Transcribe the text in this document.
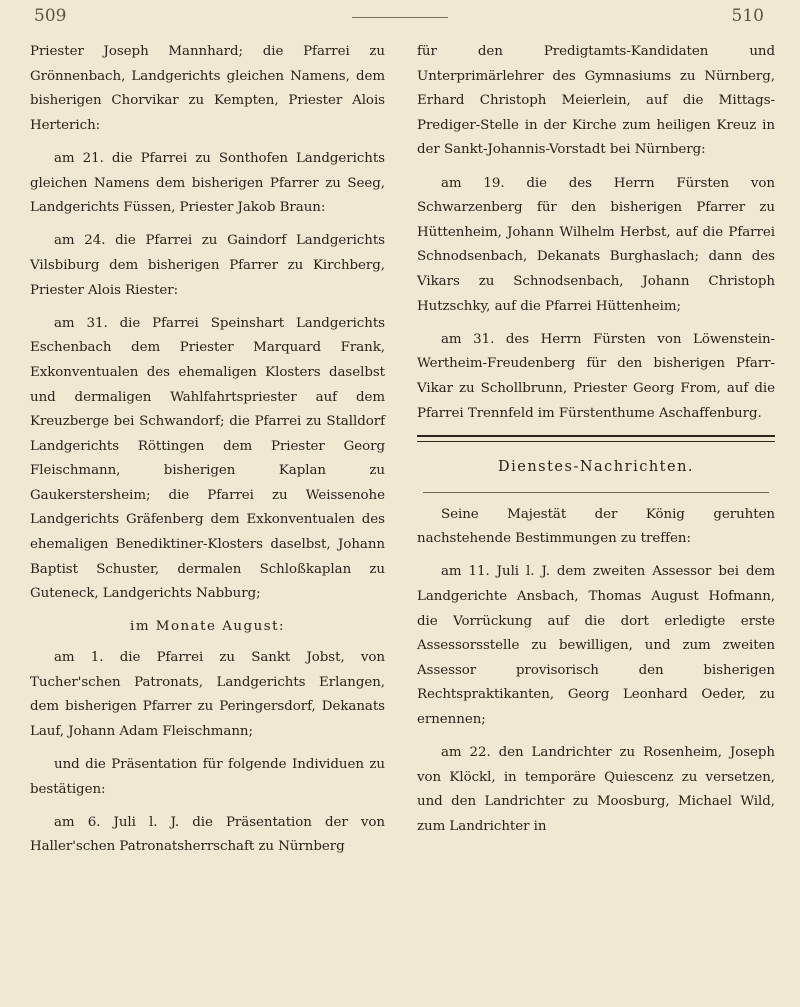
509	510

Priester Joseph Mannhard; die Pfarrei zu Grönnenbach, Landgerichts gleichen Namens, dem bisherigen Chorvikar zu Kempten, Priester Alois Herterich:

am 21. die Pfarrei zu Sonthofen Landgerichts gleichen Namens dem bisherigen Pfarrer zu Seeg, Landgerichts Füssen, Priester Jakob Braun:

am 24. die Pfarrei zu Gaindorf Landgerichts Vilsbiburg dem bisherigen Pfarrer zu Kirchberg, Priester Alois Riester:

am 31. die Pfarrei Speinshart Landgerichts Eschenbach dem Priester Marquard Frank, Exkonventualen des ehemaligen Klosters daselbst und dermaligen Wahlfahrtspriester auf dem Kreuzberge bei Schwandorf; die Pfarrei zu Stalldorf Landgerichts Röttingen dem Priester Georg Fleischmann, bisherigen Kaplan zu Gaukerstersheim; die Pfarrei zu Weissenohe Landgerichts Gräfenberg dem Exkonventualen des ehemaligen Benediktiner-Klosters daselbst, Johann Baptist Schuster, dermalen Schloßkaplan zu Guteneck, Landgerichts Nabburg;

im Monate August:

am 1. die Pfarrei zu Sankt Jobst, von Tucher'schen Patronats, Landgerichts Erlangen, dem bisherigen Pfarrer zu Peringersdorf, Dekanats Lauf, Johann Adam Fleischmann;

und die Präsentation für folgende Individuen zu bestätigen:

am 6. Juli l. J. die Präsentation der von Haller'schen Patronatsherrschaft zu Nürnberg

für den Predigtamts-Kandidaten und Unterprimärlehrer des Gymnasiums zu Nürnberg, Erhard Christoph Meierlein, auf die Mittags-Prediger-Stelle in der Kirche zum heiligen Kreuz in der Sankt-Johannis-Vorstadt bei Nürnberg:

am 19. die des Herrn Fürsten von Schwarzenberg für den bisherigen Pfarrer zu Hüttenheim, Johann Wilhelm Herbst, auf die Pfarrei Schnodsenbach, Dekanats Burghaslach; dann des Vikars zu Schnodsenbach, Johann Christoph Hutzschky, auf die Pfarrei Hüttenheim;

am 31. des Herrn Fürsten von Löwenstein-Wertheim-Freudenberg für den bisherigen Pfarr-Vikar zu Schollbrunn, Priester Georg From, auf die Pfarrei Trennfeld im Fürstenthume Aschaffenburg.

Dienstes-Nachrichten.

Seine Majestät der König geruhten nachstehende Bestimmungen zu treffen:

am 11. Juli l. J. dem zweiten Assessor bei dem Landgerichte Ansbach, Thomas August Hofmann, die Vorrückung auf die dort erledigte erste Assessorsstelle zu bewilligen, und zum zweiten Assessor provisorisch den bisherigen Rechtspraktikanten, Georg Leonhard Oeder, zu ernennen;

am 22. den Landrichter zu Rosenheim, Joseph von Klöckl, in temporäre Quiescenz zu versetzen, und den Landrichter zu Moosburg, Michael Wild, zum Landrichter in
